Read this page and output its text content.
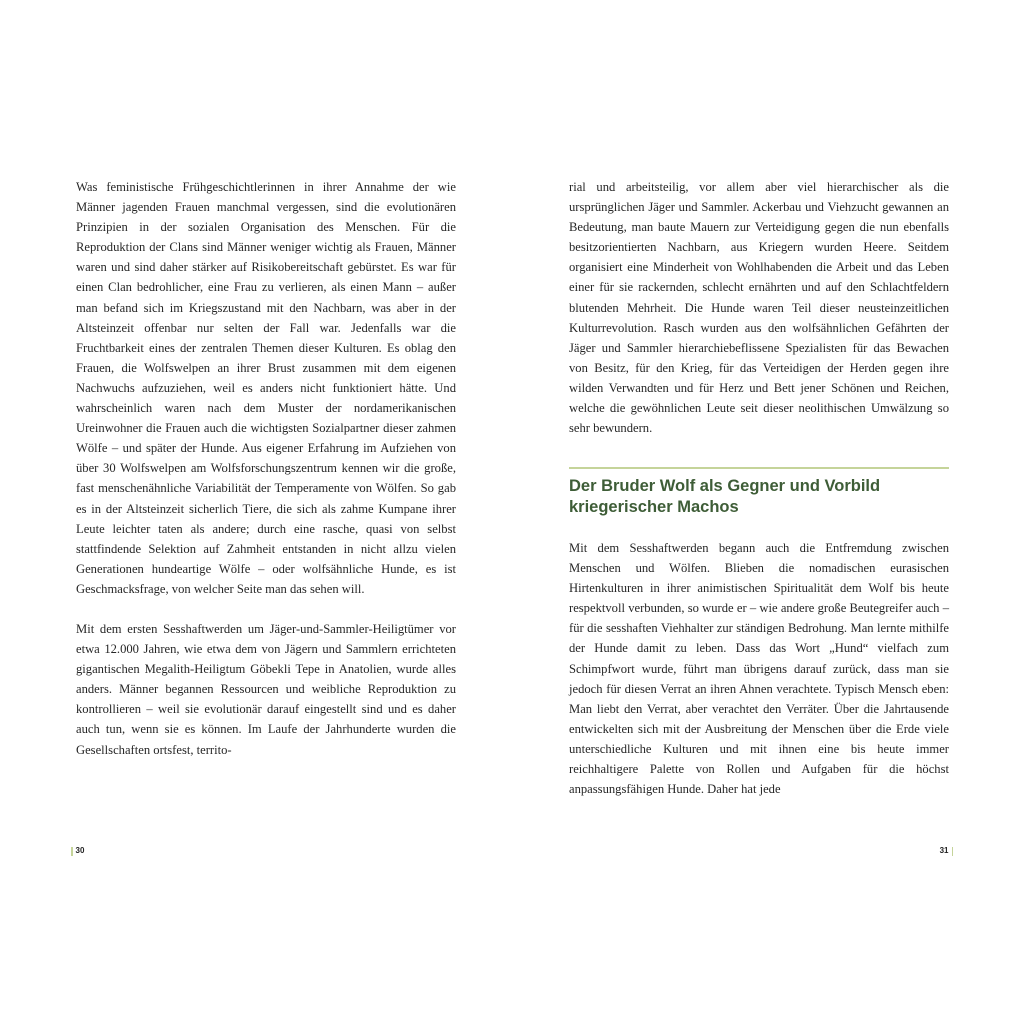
Was feministische Frühgeschichtlerinnen in ihrer Annahme der wie Männer jagenden Frauen manchmal vergessen, sind die evolutionären Prinzipien in der sozialen Organisation des Menschen. Für die Reproduktion der Clans sind Männer weniger wichtig als Frauen, Männer waren und sind daher stärker auf Risikobereitschaft gebürstet. Es war für einen Clan bedrohlicher, eine Frau zu verlieren, als einen Mann – außer man befand sich im Kriegszustand mit den Nachbarn, was aber in der Altsteinzeit offenbar nur selten der Fall war. Jedenfalls war die Fruchtbarkeit eines der zentralen Themen dieser Kulturen. Es oblag den Frauen, die Wolfswelpen an ihrer Brust zusammen mit dem eigenen Nachwuchs aufzuziehen, weil es anders nicht funktioniert hätte. Und wahrscheinlich waren nach dem Muster der nordamerikanischen Ureinwohner die Frauen auch die wichtigsten Sozialpartner dieser zahmen Wölfe – und später der Hunde. Aus eigener Erfahrung im Aufziehen von über 30 Wolfswelpen am Wolfsforschungszentrum kennen wir die große, fast menschenähnliche Variabilität der Temperamente von Wölfen. So gab es in der Altsteinzeit sicherlich Tiere, die sich als zahme Kumpane ihrer Leute leichter taten als andere; durch eine rasche, quasi von selbst stattfindende Selektion auf Zahmheit entstanden in nicht allzu vielen Generationen hundeartige Wölfe – oder wolfsähnliche Hunde, es ist Geschmacksfrage, von welcher Seite man das sehen will.

Mit dem ersten Sesshaftwerden um Jäger-und-Sammler-Heiligtümer vor etwa 12.000 Jahren, wie etwa dem von Jägern und Sammlern errichteten gigantischen Megalith-Heiligtum Göbekli Tepe in Anatolien, wurde alles anders. Männer begannen Ressourcen und weibliche Reproduktion zu kontrollieren – weil sie evolutionär darauf eingestellt sind und es daher auch tun, wenn sie es können. Im Laufe der Jahrhunderte wurden die Gesellschaften ortsfest, territo-

30

rial und arbeitsteilig, vor allem aber viel hierarchischer als die ursprünglichen Jäger und Sammler. Ackerbau und Viehzucht gewannen an Bedeutung, man baute Mauern zur Verteidigung gegen die nun ebenfalls besitzorientierten Nachbarn, aus Kriegern wurden Heere. Seitdem organisiert eine Minderheit von Wohlhabenden die Arbeit und das Leben einer für sie rackernden, schlecht ernährten und auf den Schlachtfeldern blutenden Mehrheit. Die Hunde waren Teil dieser neusteinzeitlichen Kulturrevolution. Rasch wurden aus den wolfsähnlichen Gefährten der Jäger und Sammler hierarchiebeflissene Spezialisten für das Bewachen von Besitz, für den Krieg, für das Verteidigen der Herden gegen ihre wilden Verwandten und für Herz und Bett jener Schönen und Reichen, welche die gewöhnlichen Leute seit dieser neolithischen Umwälzung so sehr bewundern.

Der Bruder Wolf als Gegner und Vorbild kriegerischer Machos

Mit dem Sesshaftwerden begann auch die Entfremdung zwischen Menschen und Wölfen. Blieben die nomadischen eurasischen Hirtenkulturen in ihrer animistischen Spiritualität dem Wolf bis heute respektvoll verbunden, so wurde er – wie andere große Beutegreifer auch – für die sesshaften Viehhalter zur ständigen Bedrohung. Man lernte mithilfe der Hunde damit zu leben. Dass das Wort „Hund“ vielfach zum Schimpfwort wurde, führt man übrigens darauf zurück, dass man sie jedoch für diesen Verrat an ihren Ahnen verachtete. Typisch Mensch eben: Man liebt den Verrat, aber verachtet den Verräter. Über die Jahrtausende entwickelten sich mit der Ausbreitung der Menschen über die Erde viele unterschiedliche Kulturen und mit ihnen eine bis heute immer reichhaltigere Palette von Rollen und Aufgaben für die höchst anpassungsfähigen Hunde. Daher hat jede

31
